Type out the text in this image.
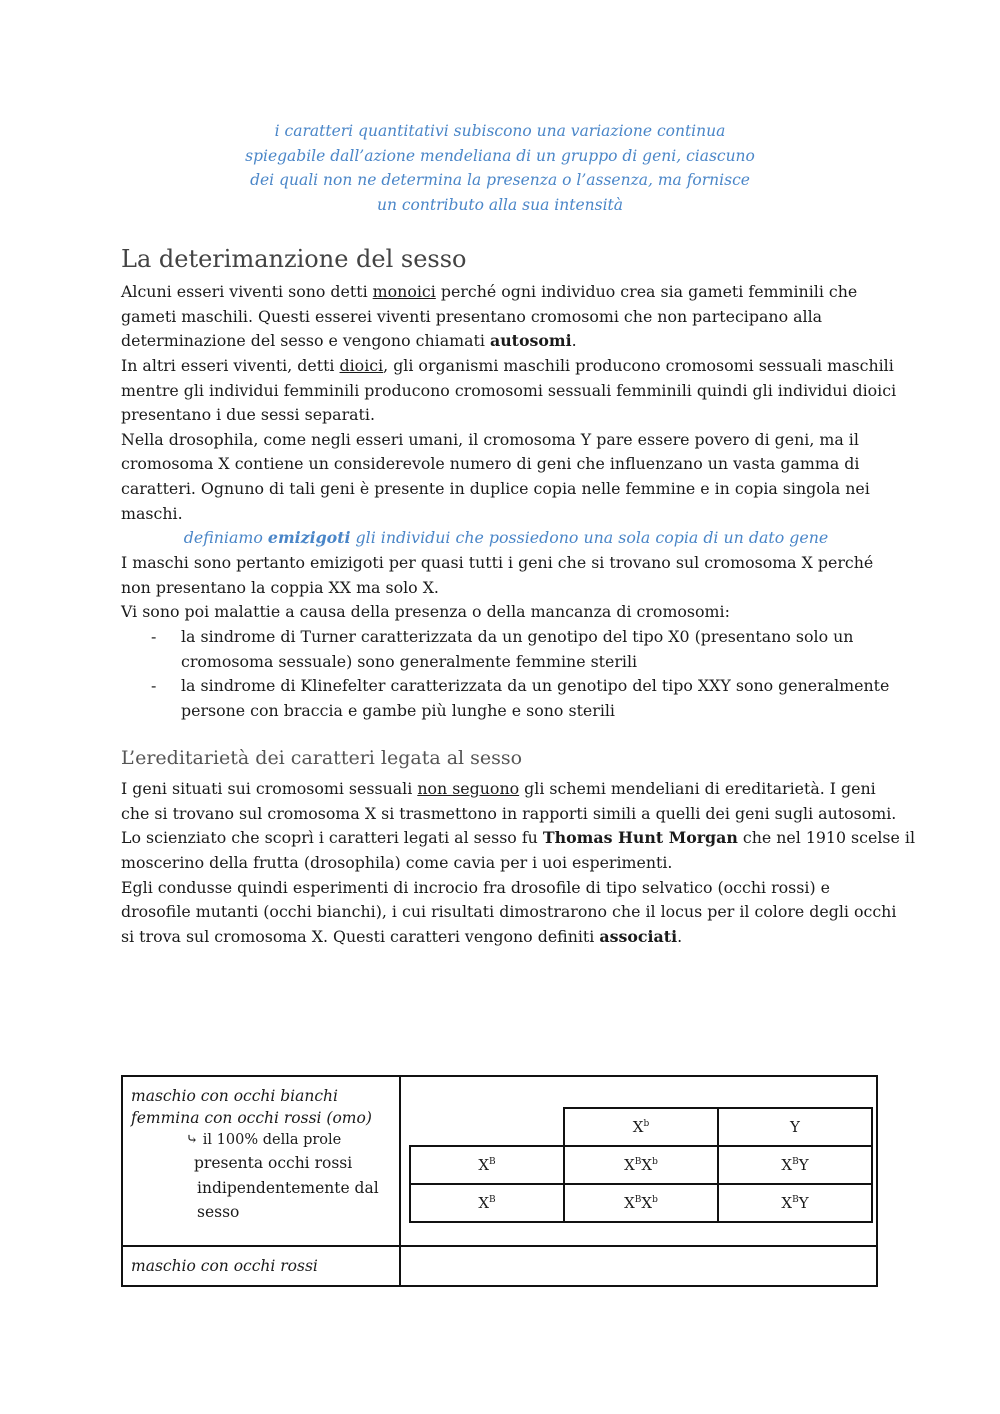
i caratteri quantitativi subiscono una variazione continua
spiegabile dall’azione mendeliana di un gruppo di geni, ciascuno
dei quali non ne determina la presenza o l’assenza, ma fornisce
un contributo alla sua intensità
La deterimanzione del sesso
Alcuni esseri viventi sono detti monoici perché ogni individuo crea sia gameti femminili che
gameti maschili. Questi esserei viventi presentano cromosomi che non partecipano alla
determinazione del sesso e vengono chiamati autosomi.
In altri esseri viventi, detti dioici, gli organismi maschili producono cromosomi sessuali maschili
mentre gli individui femminili producono cromosomi sessuali femminili quindi gli individui dioici
presentano i due sessi separati.
Nella drosophila, come negli esseri umani, il cromosoma Y pare essere povero di geni, ma il
cromosoma X contiene un considerevole numero di geni che influenzano un vasta gamma di
caratteri. Ognuno di tali geni è presente in duplice copia nelle femmine e in copia singola nei
maschi.
definiamo emizigoti gli individui che possiedono una sola copia di un dato gene
I maschi sono pertanto emizigoti per quasi tutti i geni che si trovano sul cromosoma X perché
non presentano la coppia XX ma solo X.
Vi sono poi malattie a causa della presenza o della mancanza di cromosomi:
- la sindrome di Turner caratterizzata da un genotipo del tipo X0 (presentano solo un
cromosoma sessuale) sono generalmente femmine sterili
- la sindrome di Klinefelter caratterizzata da un genotipo del tipo XXY sono generalmente
persone con braccia e gambe più lunghe e sono sterili
L’ereditarietà dei caratteri legata al sesso
I geni situati sui cromosomi sessuali non seguono gli schemi mendeliani di ereditarietà. I geni
che si trovano sul cromosoma X si trasmettono in rapporti simili a quelli dei geni sugli autosomi.
Lo scienziato che scoprì i caratteri legati al sesso fu Thomas Hunt Morgan che nel 1910 scelse il
moscerino della frutta (drosophila) come cavia per i uoi esperimenti.
Egli condusse quindi esperimenti di incrocio fra drosofile di tipo selvatico (occhi rossi) e
drosofile mutanti (occhi bianchi), i cui risultati dimostrarono che il locus per il colore degli occhi
si trova sul cromosoma X. Questi caratteri vengono definiti associati.
maschio con occhi bianchi
femmina con occhi rossi (omo)
⤷ il 100% della prole
presenta occhi rossi
indipendentemente dal
sesso

	$X^b$	Y
$X^B$	$X^BX^b$	$X^BY$
$X^B$	$X^BX^b$	$X^BY$

maschio con occhi rossi	
